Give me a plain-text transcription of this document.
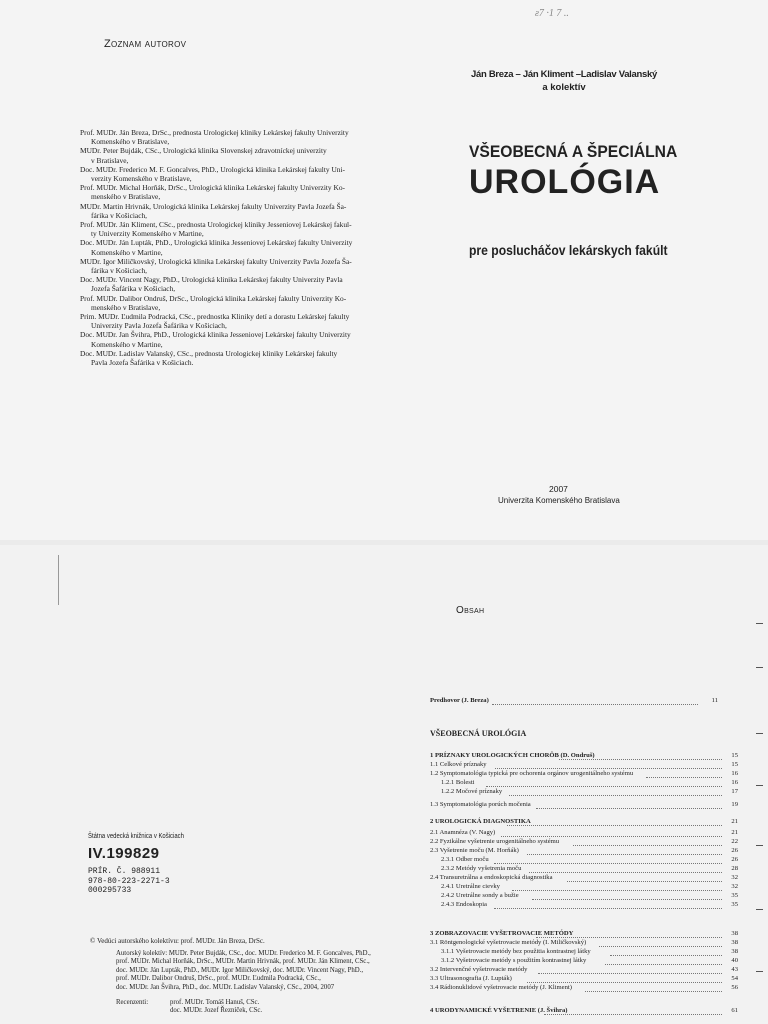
ƨ7 ·1 7 ..
Zoznam autorov
Prof. MUDr. Ján Breza, DrSc., prednosta Urologickej kliniky Lekárskej fakulty Univerzity
Komenského v Bratislave,
MUDr. Peter Bujdák, CSc., Urologická klinika Slovenskej zdravotníckej univerzity
v Bratislave,
Doc. MUDr. Frederico M. F. Goncalves, PhD., Urologická klinika Lekárskej fakulty Uni-
verzity Komenského v Bratislave,
Prof. MUDr. Michal Horňák, DrSc., Urologická klinika Lekárskej fakulty Univerzity Ko-
menského v Bratislave,
MUDr. Martin Hrivnák, Urologická klinika Lekárskej fakulty Univerzity Pavla Jozefa Ša-
fárika v Košiciach,
Prof. MUDr. Ján Kliment, CSc., prednosta Urologickej kliniky Jesseniovej Lekárskej fakul-
ty Univerzity Komenského v Martine,
Doc. MUDr. Ján Lupták, PhD., Urologická klinika Jesseniovej Lekárskej fakulty Univerzity
Komenského v Martine,
MUDr. Igor Miličkovský, Urologická klinika Lekárskej fakulty Univerzity Pavla Jozefa Ša-
fárika v Košiciach,
Doc. MUDr. Vincent Nagy, PhD., Urologická klinika Lekárskej fakulty Univerzity Pavla
Jozefa Šafárika v Košiciach,
Prof. MUDr. Dalibor Ondruš, DrSc., Urologická klinika Lekárskej fakulty Univerzity Ko-
menského v Bratislave,
Prim. MUDr. Ľudmila Podracká, CSc., prednostka Kliniky detí a dorastu Lekárskej fakulty
Univerzity Pavla Jozefa Šafárika v Košiciach,
Doc. MUDr. Jan Švihra, PhD., Urologická klinika Jesseniovej Lekárskej fakulty Univerzity
Komenského v Martine,
Doc. MUDr. Ladislav Valanský, CSc., prednosta Urologickej kliniky Lekárskej fakulty
Pavla Jozefa Šafárika v Košiciach.
Ján Breza – Ján Kliment –Ladislav Valanský
a kolektív
VŠEOBECNÁ A ŠPECIÁLNA
UROLÓGIA
pre poslucháčov lekárskych fakúlt
2007
Univerzita Komenského Bratislava
Štátna vedecká knižnica v Košiciach
IV.199829
PRÍR. Č. 988911
978-80-223-2271-3
000295733
© Vedúci autorského kolektívu: prof. MUDr. Ján Breza, DrSc.
Autorský kolektív: MUDr. Peter Bujdák, CSc., doc. MUDr. Frederico M. F. Goncalves, PhD.,
prof. MUDr. Michal Horňák, DrSc., MUDr. Martin Hrivnák, prof. MUDr. Ján Kliment, CSc.,
doc. MUDr. Ján Lupták, PhD., MUDr. Igor Miličkovský, doc. MUDr. Vincent Nagy, PhD.,
prof. MUDr. Dalibor Ondruš, DrSc., prof. MUDr. Ľudmila Podracká, CSc.,
doc. MUDr. Jan Švihra, PhD., doc. MUDr. Ladislav Valanský, CSc., 2004, 2007
Recenzenti:	prof. MUDr. Tomáš Hanuš, CSc.
doc. MUDr. Jozef Řezníček, CSc.
Obsah
Predhovor (J. Breza)	11
VŠEOBECNÁ UROLÓGIA
1 PRÍZNAKY UROLOGICKÝCH CHORÔB (D. Ondruš)	15
1.1 Celkové príznaky	15
1.2 Symptomatológia typická pre ochorenia orgánov urogenitálneho systému	16
1.2.1 Bolesti	16
1.2.2 Močové príznaky	17
1.3 Symptomatológia porúch močenia	19
2 UROLOGICKÁ DIAGNOSTIKA	21
2.1 Anamnéza (V. Nagy)	21
2.2 Fyzikálne vyšetrenie urogenitálneho systému	22
2.3 Vyšetrenie moču (M. Horňák)	26
2.3.1 Odber moču	26
2.3.2 Metódy vyšetrenia moču	28
2.4 Transuretrálna a endoskopická diagnostika	32
2.4.1 Uretrálne cievky	32
2.4.2 Uretrálne sondy a bužie	35
2.4.3 Endoskopia	35
3 ZOBRAZOVACIE VYŠETROVACIE METÓDY	38
3.1 Röntgenologické vyšetrovacie metódy (I. Miličkovský)	38
3.1.1 Vyšetrovacie metódy bez použitia kontrastnej látky	38
3.1.2 Vyšetrovacie metódy s použitím kontrastnej látky	40
3.2 Intervenčné vyšetrovacie metódy	43
3.3 Ultrasonografia (J. Lupták)	54
3.4 Rádionuklidové vyšetrovacie metódy (J. Kliment)	56
4 URODYNAMICKÉ VYŠETRENIE (J. Švihra)	61
